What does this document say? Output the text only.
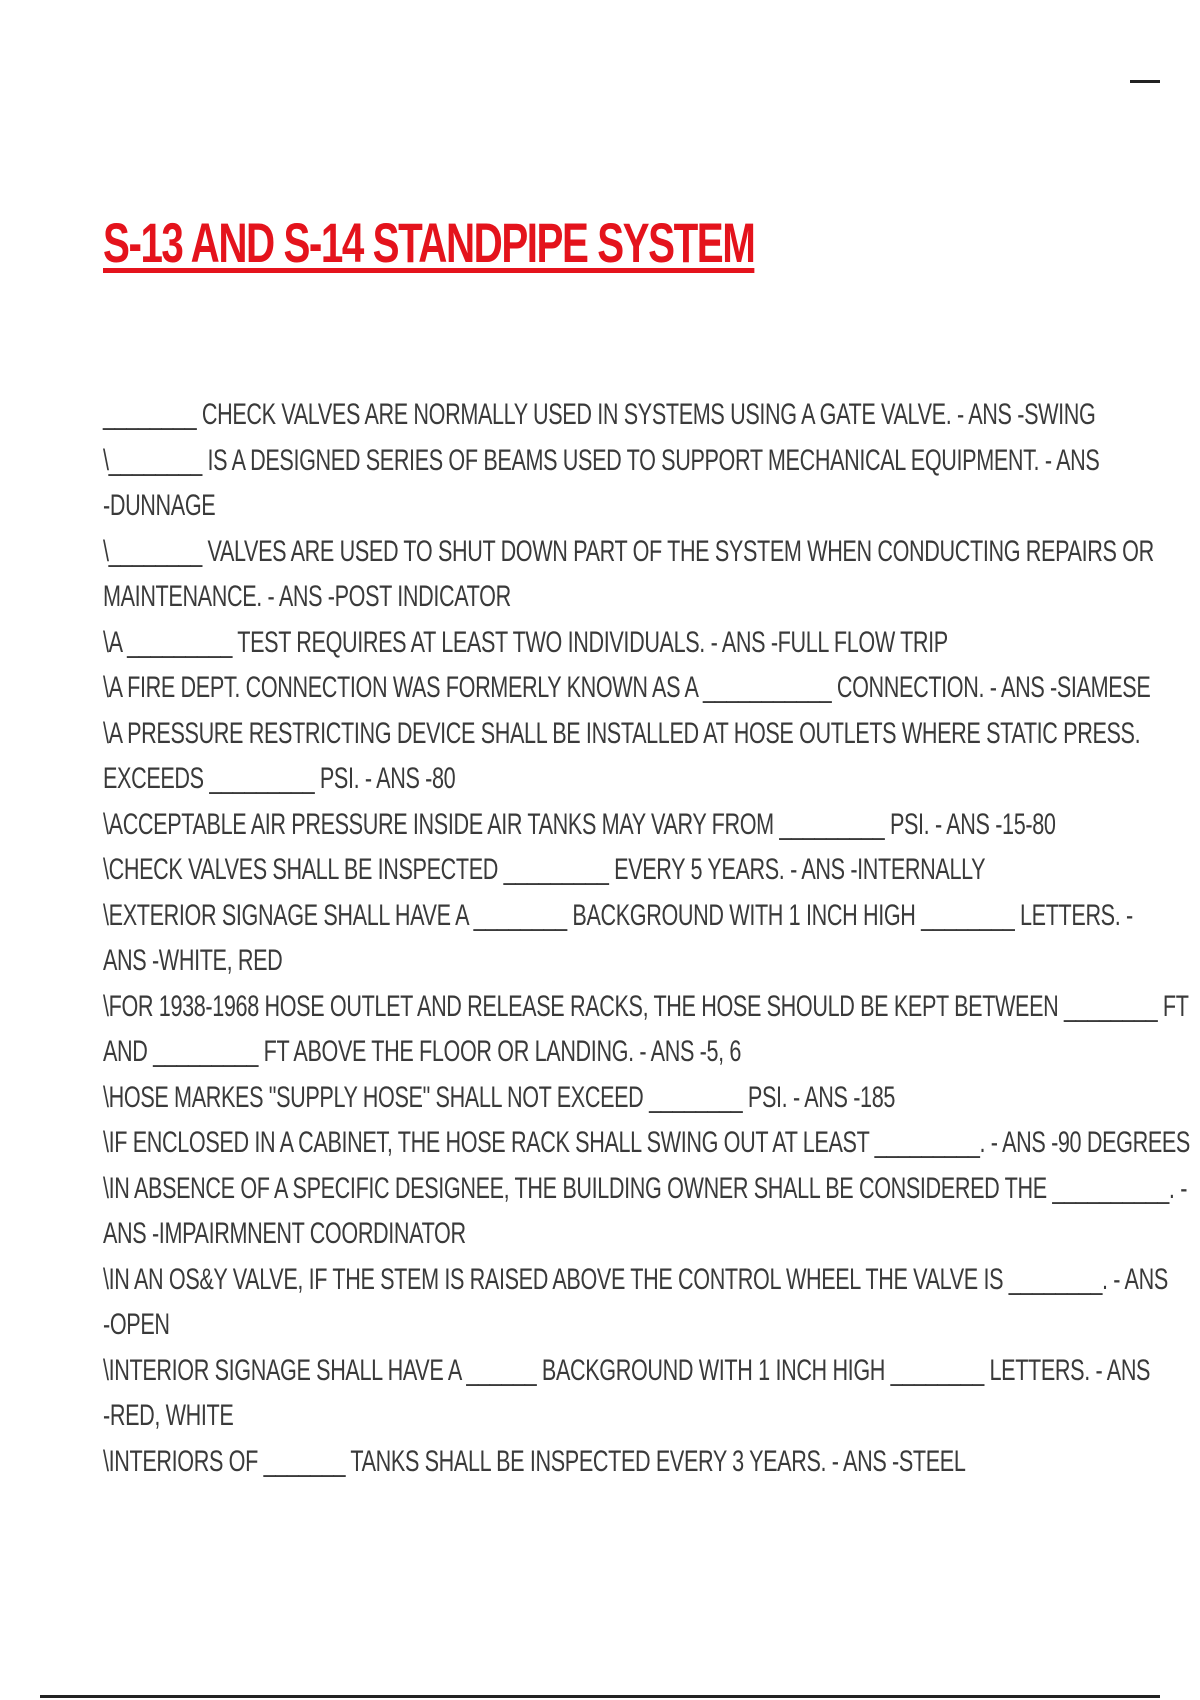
S-13 AND S-14 STANDPIPE SYSTEM
________ CHECK VALVES ARE NORMALLY USED IN SYSTEMS USING A GATE VALVE. - ANS -SWING
\________ IS A DESIGNED SERIES OF BEAMS USED TO SUPPORT MECHANICAL EQUIPMENT. - ANS
-DUNNAGE
\________ VALVES ARE USED TO SHUT DOWN PART OF THE SYSTEM WHEN CONDUCTING REPAIRS OR
MAINTENANCE. - ANS -POST INDICATOR
\A _________ TEST REQUIRES AT LEAST TWO INDIVIDUALS. - ANS -FULL FLOW TRIP
\A FIRE DEPT. CONNECTION WAS FORMERLY KNOWN AS A ___________ CONNECTION. - ANS -SIAMESE
\A PRESSURE RESTRICTING DEVICE SHALL BE INSTALLED AT HOSE OUTLETS WHERE STATIC PRESS.
EXCEEDS _________ PSI. - ANS -80
\ACCEPTABLE AIR PRESSURE INSIDE AIR TANKS MAY VARY FROM _________ PSI. - ANS -15-80
\CHECK VALVES SHALL BE INSPECTED _________ EVERY 5 YEARS. - ANS -INTERNALLY
\EXTERIOR SIGNAGE SHALL HAVE A ________ BACKGROUND WITH 1 INCH HIGH ________ LETTERS. -
ANS -WHITE, RED
\FOR 1938-1968 HOSE OUTLET AND RELEASE RACKS, THE HOSE SHOULD BE KEPT BETWEEN ________ FT
AND _________ FT ABOVE THE FLOOR OR LANDING. - ANS -5, 6
\HOSE MARKES "SUPPLY HOSE" SHALL NOT EXCEED ________ PSI. - ANS -185
\IF ENCLOSED IN A CABINET, THE HOSE RACK SHALL SWING OUT AT LEAST _________. - ANS -90 DEGREES
\IN ABSENCE OF A SPECIFIC DESIGNEE, THE BUILDING OWNER SHALL BE CONSIDERED THE __________. -
ANS -IMPAIRMNENT COORDINATOR
\IN AN OS&Y VALVE, IF THE STEM IS RAISED ABOVE THE CONTROL WHEEL THE VALVE IS ________. - ANS
-OPEN
\INTERIOR SIGNAGE SHALL HAVE A ______ BACKGROUND WITH 1 INCH HIGH ________ LETTERS. - ANS
-RED, WHITE
\INTERIORS OF _______ TANKS SHALL BE INSPECTED EVERY 3 YEARS. - ANS -STEEL
